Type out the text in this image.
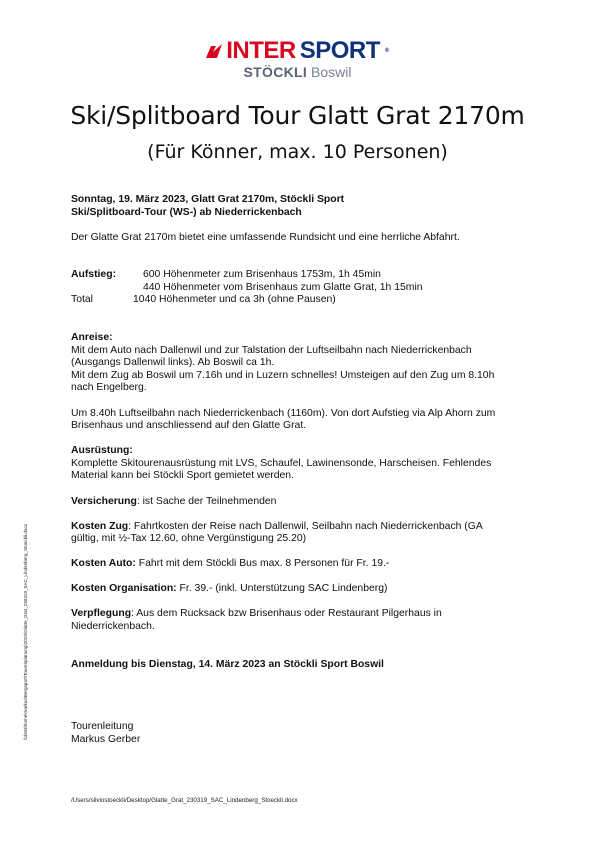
INTER SPORT ®
STÖCKLI Boswil
Ski/Splitboard Tour Glatt Grat 2170m
(Für Könner, max. 10 Personen)

Sonntag, 19. März 2023, Glatt Grat 2170m, Stöckli Sport

Ski/Splitboard-Tour (WS-) ab Niederrickenbach

Der Glatte Grat 2170m bietet eine umfassende Rundsicht und eine herrliche Abfahrt.

Aufstieg:	600 Höhenmeter zum Brisenhaus 1753m, 1h 45min
440 Höhenmeter vom Brisenhaus zum Glatte Grat, 1h 15min
Total	1040 Höhenmeter und ca 3h (ohne Pausen)

Anreise:

Mit dem Auto nach Dallenwil und zur Talstation der Luftseilbahn nach Niederrickenbach

(Ausgangs Dallenwil links). Ab Boswil ca 1h.

Mit dem Zug ab Boswil um 7.16h und in Luzern schnelles! Umsteigen auf den Zug um 8.10h

nach Engelberg.

Um 8.40h Luftseilbahn nach Niederrickenbach (1160m). Von dort Aufstieg via Alp Ahorn zum

Brisenhaus und anschliessend auf den Glatte Grat.

Ausrüstung:

Komplette Skitourenausrüstung mit LVS, Schaufel, Lawinensonde, Harscheisen. Fehlendes

Material kann bei Stöckli Sport gemietet werden.

Versicherung: ist Sache der Teilnehmenden

Kosten Zug: Fahrtkosten der Reise nach Dallenwil, Seilbahn nach Niederrickenbach (GA

gültig, mit ½-Tax 12.60, ohne Vergünstigung 25.20)

Kosten Auto: Fahrt mit dem Stöckli Bus max. 8 Personen für Fr. 19.-

Kosten Organisation: Fr. 39.- (inkl. Unterstützung SAC Lindenberg)

Verpflegung: Aus dem Rucksack bzw Brisenhaus oder Restaurant Pilgerhaus in

Niederrickenbach.

Anmeldung bis Dienstag, 14. März 2023 an Stöckli Sport Boswil

Tourenleitung

Markus Gerber

\\ds93\home\markus\Bergsport\Tourenplanung\2023\Glatte_Grat_230319_SAC_Lindenberg_Stoeckli.docx
/Users/silviostoeckli/Desktop/Glatte_Grat_230319_SAC_Lindenberg_Stoeckli.docx
